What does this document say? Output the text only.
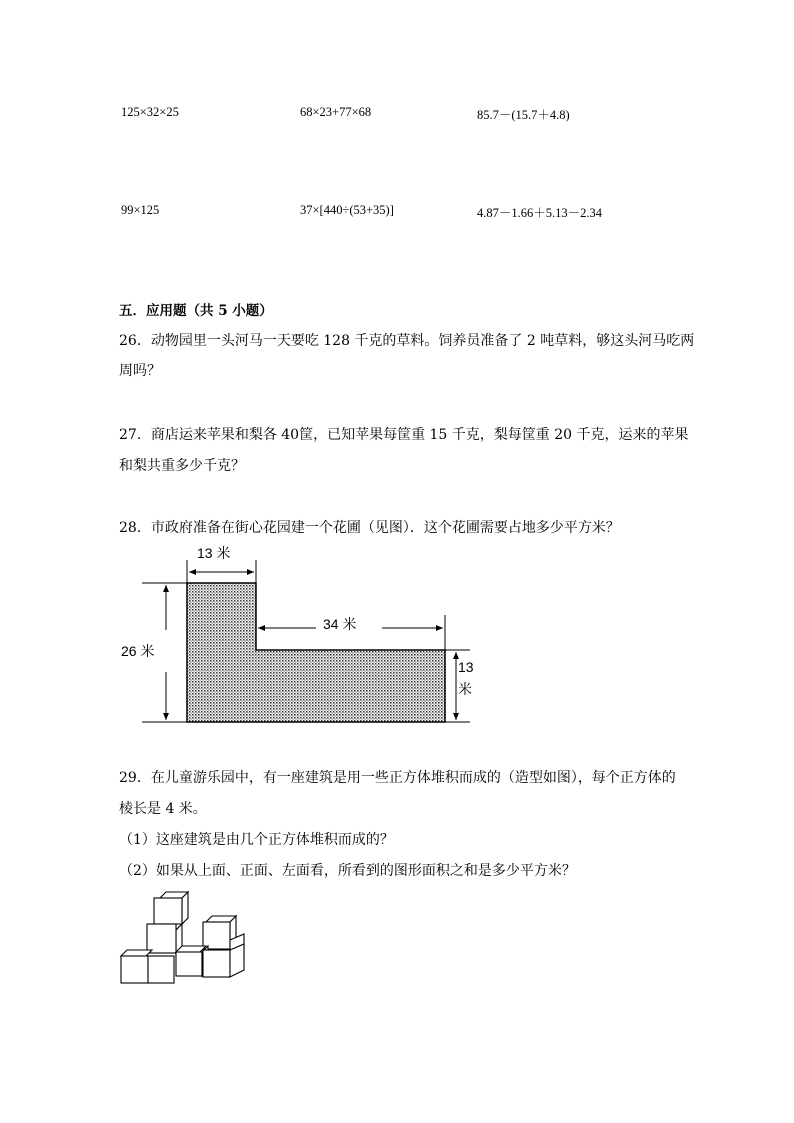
125×32×25	68×23+77×68	85.7－(15.7＋4.8)
99×125	37×[440÷(53+35)]	4.87－1.66＋5.13－2.34
五．应用题（共 5 小题）
26．动物园里一头河马一天要吃 128 千克的草料。饲养员准备了 2 吨草料，够这头河马吃两
周吗？
27．商店运来苹果和梨各 40筐，已知苹果每筐重 15 千克，梨每筐重 20 千克，运来的苹果
和梨共重多少千克？
28．市政府准备在街心花园建一个花圃（见图）．这个花圃需要占地多少平方米？
13 米
26 米
34 米
13
米
29．在儿童游乐园中，有一座建筑是用一些正方体堆积而成的（造型如图），每个正方体的
棱长是 4 米。
（1）这座建筑是由几个正方体堆积而成的？
（2）如果从上面、正面、左面看，所看到的图形面积之和是多少平方米？
